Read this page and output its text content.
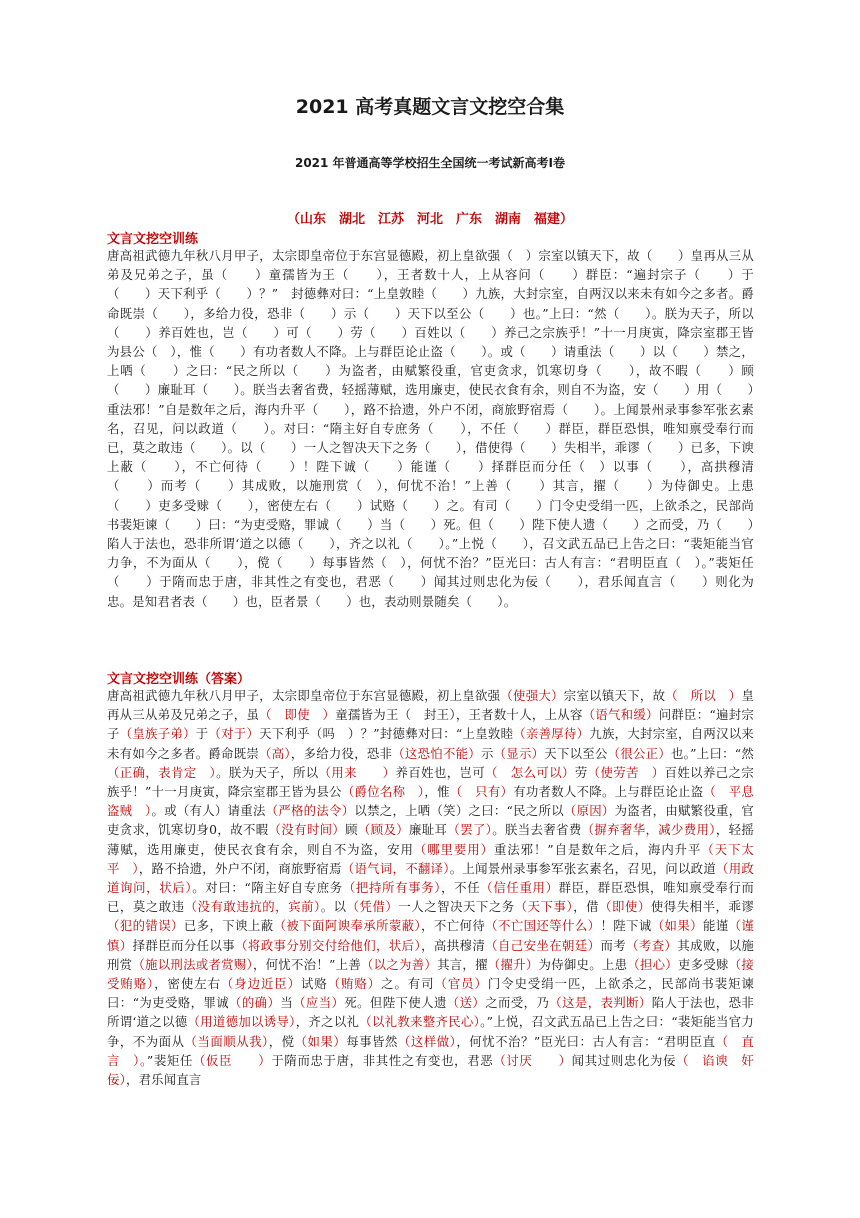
2021 高考真题文言文挖空合集
2021 年普通高等学校招生全国统一考试新高考Ⅰ卷

（山东　湖北　江苏　河北　广东　湖南　福建）

文言文挖空训练

唐高祖武德九年秋八月甲子，太宗即皇帝位于东宫显德殿，初上皇欲强（　）宗室以镇天下，故（　　）皇再从三从弟及兄弟之子，虽（　　）童孺皆为王（　　），王者数十人，上从容问（　　）群臣：“遍封宗子（　　）于（　　）天下利乎（　　）？”　封德彝对曰：“上皇敦睦（　　）九族，大封宗室，自两汉以来未有如今之多者。爵命既崇（　　），多给力役，恐非（　　）示（　　）天下以至公（　　）也。”上曰：“然（　　）。朕为天子，所以（　　）养百姓也，岂（　　）可（　　）劳（　　）百姓以（　　）养己之宗族乎！”十一月庚寅，降宗室郡王皆为县公（　），惟（　　）有功者数人不降。上与群臣论止盗（　　）。或（　　）请重法（　　）以（　　）禁之，上哂（　　）之曰：“民之所以（　　）为盗者，由赋繁役重，官吏贪求，饥寒切身（　　），故不暇（　　）顾（　　）廉耻耳（　　）。朕当去奢省费，轻摇薄赋，选用廉吏，使民衣食有余，则自不为盗，安（　　）用（　　）重法邪！”自是数年之后，海内升平（　　），路不拾遗，外户不闭，商旅野宿焉（　　）。上闻景州录事参军张玄素名，召见，问以政道（　　）。对曰：“隋主好自专庶务（　　），不任（　　）群臣，群臣恐惧，唯知禀受奉行而已，莫之敢违（　　）。以（　　）一人之智决天下之务（　　），借使得（　　）失相半，乖谬（　　）已多，下谀上蔽（　　），不亡何待（　　）！陛下诚（　　）能谨（　　）择群臣而分任（　）以事（　　），高拱穆清（　　）而考（　　）其成败，以施刑赏（　），何忧不治！”上善（　　）其言，擢（　　）为侍御史。上患（　　）吏多受赇（　　），密使左右（　　）试赂（　　）之。有司（　　）门令史受绢一匹，上欲杀之，民部尚书裴矩谏（　　）曰：“为吏受赂，罪诚（　　）当（　　）死。但（　　）陛下使人遗（　　）之而受，乃（　　）陷人于法也，恐非所谓‘道之以德（　　），齐之以礼（　　）。”上悦（　　），召文武五品已上告之曰：“裴矩能当官力争，不为面从（　　），傥（　　）每事皆然（　），何忧不治？”臣光曰：古人有言：“君明臣直（　）。”裴矩任（　　）于隋而忠于唐，非其性之有变也，君恶（　　）闻其过则忠化为佞（　　），君乐闻直言（　　）则化为忠。是知君者表（　　）也，臣者景（　　）也，表动则景随矣（　　）。

文言文挖空训练（答案）

唐高祖武德九年秋八月甲子，太宗即皇帝位于东宫显德殿，初上皇欲强（使强大）宗室以镇天下，故（　所以　）皇再从三从弟及兄弟之子，虽（　即使　）童孺皆为王（　封王），王者数十人，上从容（语气和缓）问群臣：“遍封宗子（皇族子弟）于（对于）天下利乎（吗　）？”封德彝对曰：“上皇敦睦（亲善厚待）九族，大封宗室，自两汉以来未有如今之多者。爵命既崇（高），多给力役，恐非（这恐怕不能）示（显示）天下以至公（很公正）也。”上曰：“然（正确，表肯定　）。朕为天子，所以（用来　　）养百姓也，岂可（　怎么可以）劳（使劳苦　）百姓以养己之宗族乎！”十一月庚寅，降宗室郡王皆为县公（爵位名称　），惟（　只有）有功者数人不降。上与群臣论止盗（　平息盗贼　）。或（有人）请重法（严格的法令）以禁之，上哂（笑）之曰：“民之所以（原因）为盗者，由赋繁役重，官吏贪求，饥寒切身0，故不暇（没有时间）顾（顾及）廉耻耳（罢了）。朕当去奢省费（摒弃奢华，减少费用），轻摇薄赋，选用廉吏，使民衣食有余，则自不为盗，安用（哪里要用）重法邪！”自是数年之后，海内升平（天下太平　），路不拾遗，外户不闭，商旅野宿焉（语气词，不翻译）。上闻景州录事参军张玄素名，召见，问以政道（用政道询问，状后）。对曰：“隋主好自专庶务（把持所有事务），不任（信任重用）群臣，群臣恐惧，唯知禀受奉行而已，莫之敢违（没有敢违抗的，宾前）。以（凭借）一人之智决天下之务（天下事），借（即使）使得失相半，乖谬（犯的错误）已多，下谀上蔽（被下面阿谀奉承所蒙蔽），不亡何待（不亡国还等什么）！陛下诚（如果）能谨（谨慎）择群臣而分任以事（将政事分别交付给他们，状后），高拱穆清（自己安坐在朝廷）而考（考查）其成败，以施刑赏（施以刑法或者赏赐），何忧不治！”上善（以之为善）其言，擢（擢升）为侍御史。上患（担心）吏多受赇（接受贿赂），密使左右（身边近臣）试赂（贿赂）之。有司（官员）门令史受绢一匹，上欲杀之，民部尚书裴矩谏曰：“为吏受赂，罪诚（的确）当（应当）死。但陛下使人遗（送）之而受，乃（这是，表判断）陷人于法也，恐非所谓‘道之以德（用道德加以诱导），齐之以礼（以礼教来整齐民心）。”上悦，召文武五品已上告之曰：“裴矩能当官力争，不为面从（当面顺从我），傥（如果）每事皆然（这样做），何忧不治？”臣光曰：古人有言：“君明臣直（　直言　）。”裴矩任（仮臣　　）于隋而忠于唐，非其性之有变也，君恶（讨厌　　）闻其过则忠化为佞（　谄谀　奸佞），君乐闻直言
